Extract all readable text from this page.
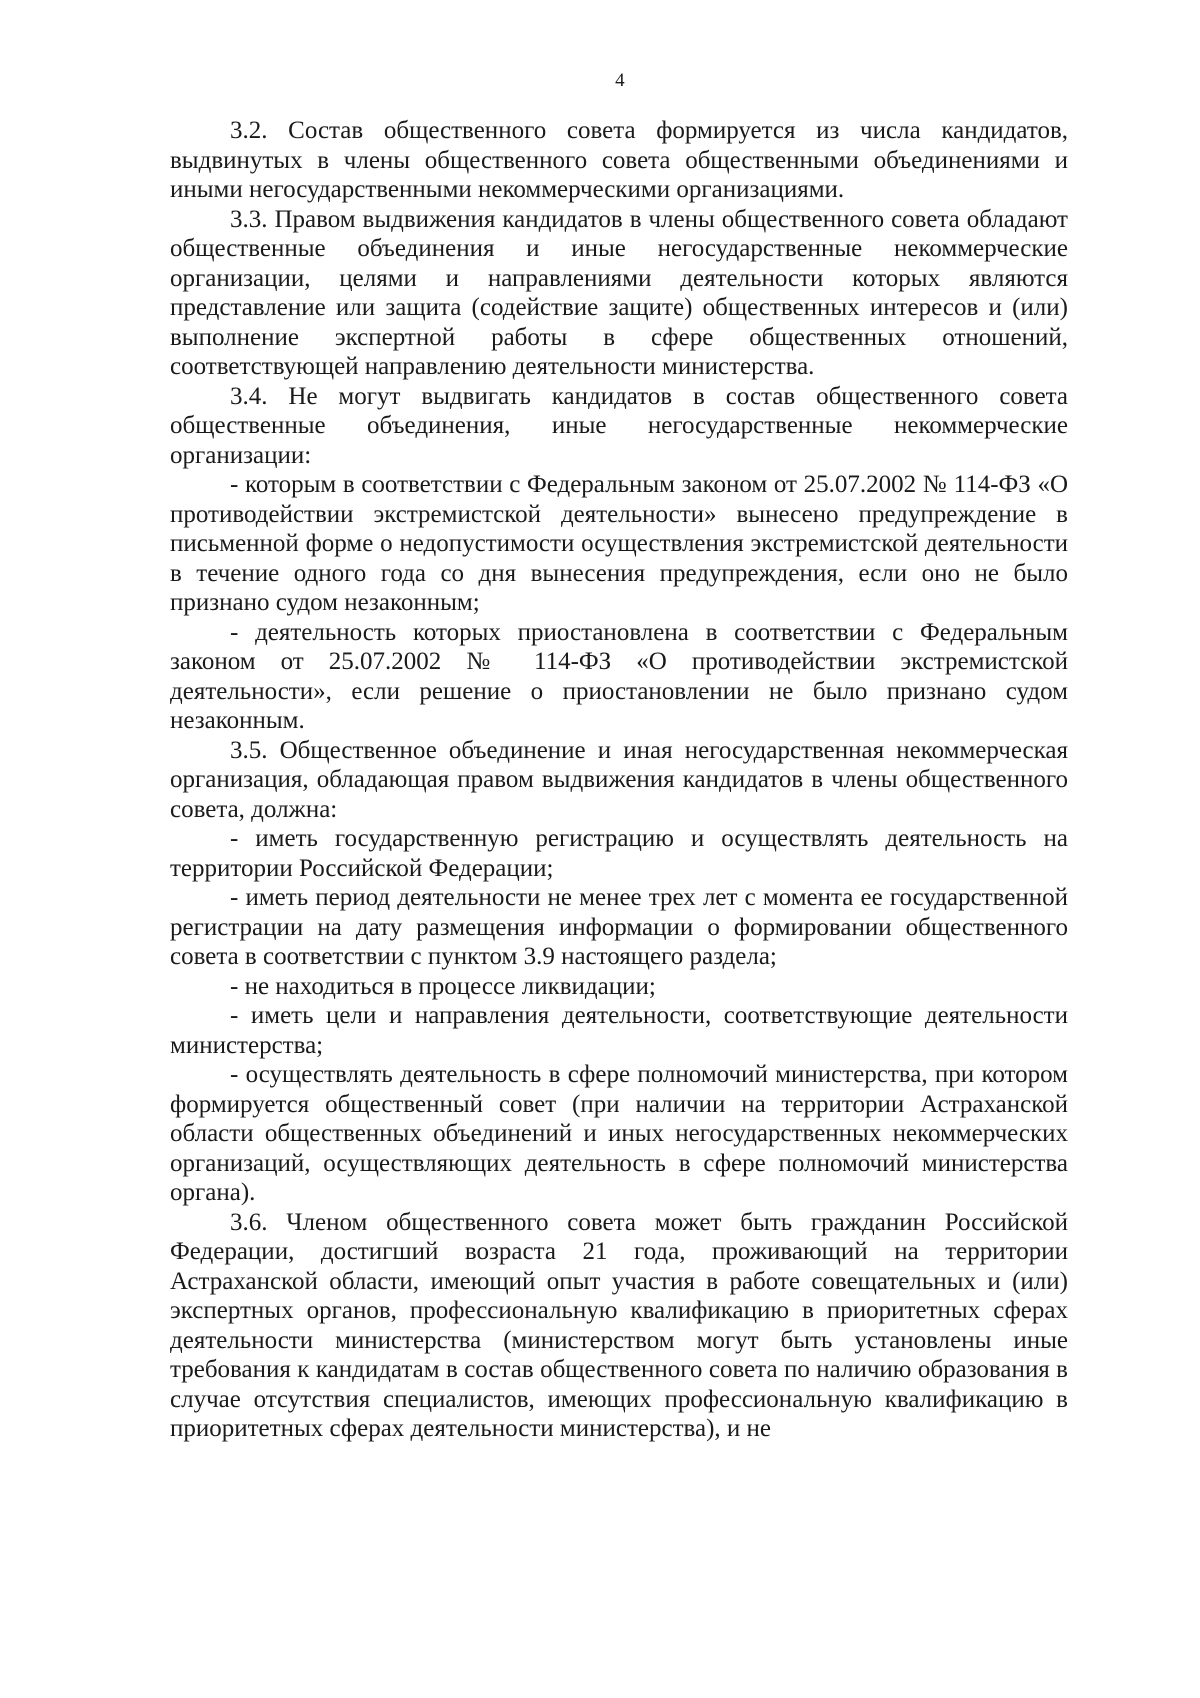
4

3.2. Состав общественного совета формируется из числа кандидатов, выдвинутых в члены общественного совета общественными объединениями и иными негосударственными некоммерческими организациями.

3.3. Правом выдвижения кандидатов в члены общественного совета обладают общественные объединения и иные негосударственные некоммерческие организации, целями и направлениями деятельности которых являются представление или защита (содействие защите) общественных интересов и (или) выполнение экспертной работы в сфере общественных отношений, соответствующей направлению деятельности министерства.

3.4. Не могут выдвигать кандидатов в состав общественного совета общественные объединения, иные негосударственные некоммерческие организации:

- которым в соответствии с Федеральным законом от 25.07.2002 № 114-ФЗ «О противодействии экстремистской деятельности» вынесено предупреждение в письменной форме о недопустимости осуществления экстремистской деятельности в течение одного года со дня вынесения предупреждения, если оно не было признано судом незаконным;

- деятельность которых приостановлена в соответствии с Федеральным законом от 25.07.2002 № 114-ФЗ «О противодействии экстремистской деятельности», если решение о приостановлении не было признано судом незаконным.

3.5. Общественное объединение и иная негосударственная некоммерческая организация, обладающая правом выдвижения кандидатов в члены общественного совета, должна:

- иметь государственную регистрацию и осуществлять деятельность на территории Российской Федерации;

- иметь период деятельности не менее трех лет с момента ее государственной регистрации на дату размещения информации о формировании общественного совета в соответствии с пунктом 3.9 настоящего раздела;

- не находиться в процессе ликвидации;

- иметь цели и направления деятельности, соответствующие деятельности министерства;

- осуществлять деятельность в сфере полномочий министерства, при котором формируется общественный совет (при наличии на территории Астраханской области общественных объединений и иных негосударственных некоммерческих организаций, осуществляющих деятельность в сфере полномочий министерства органа).

3.6. Членом общественного совета может быть гражданин Российской Федерации, достигший возраста 21 года, проживающий на территории Астраханской области, имеющий опыт участия в работе совещательных и (или) экспертных органов, профессиональную квалификацию в приоритетных сферах деятельности министерства (министерством могут быть установлены иные требования к кандидатам в состав общественного совета по наличию образования в случае отсутствия специалистов, имеющих профессиональную квалификацию в приоритетных сферах деятельности министерства), и не
